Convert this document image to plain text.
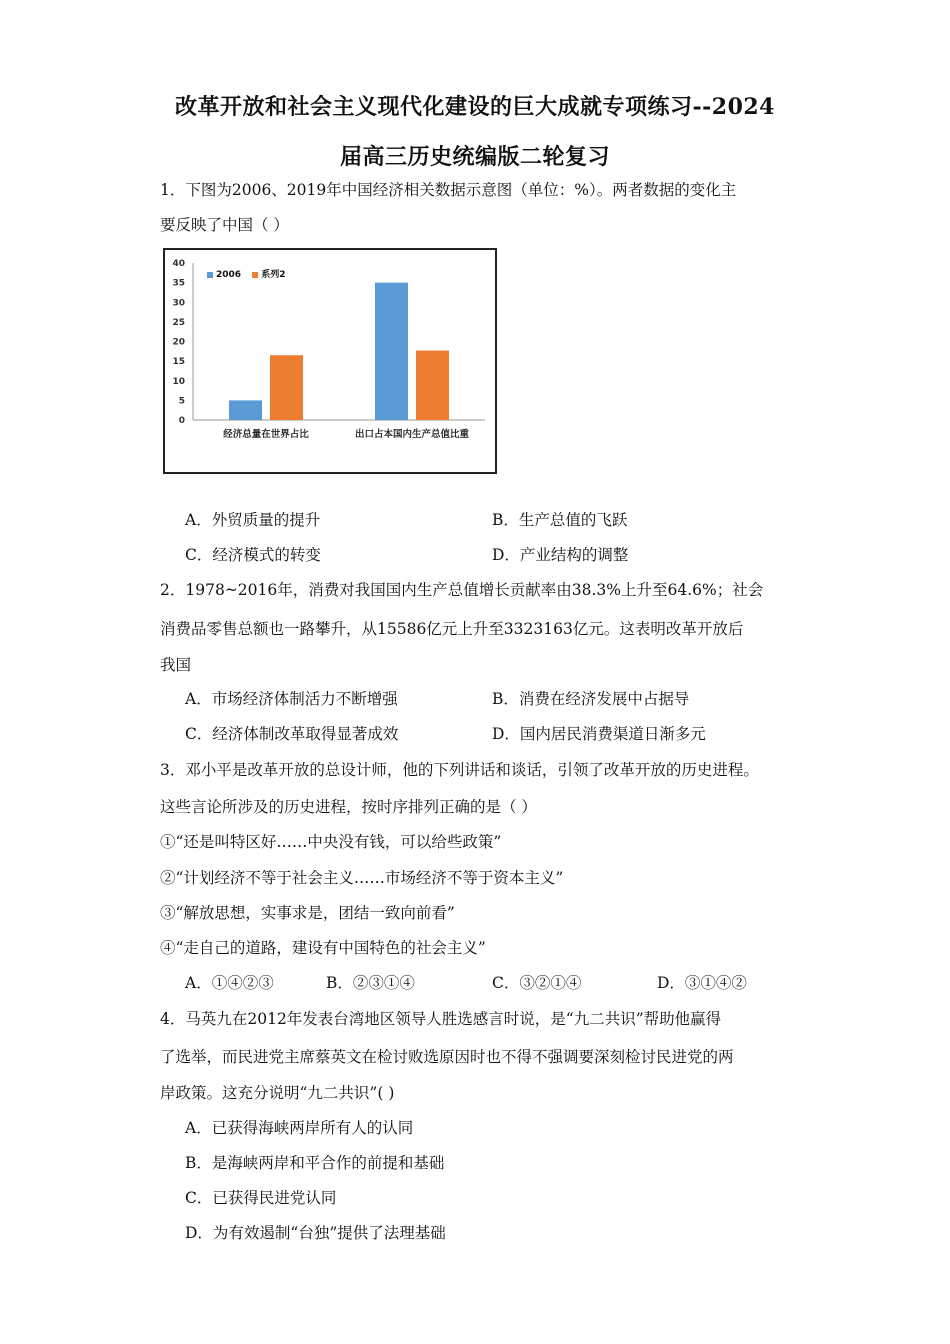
改革开放和社会主义现代化建设的巨大成就专项练习--2024
届高三历史统编版二轮复习
1．下图为2006、2019年中国经济相关数据示意图（单位：%）。两者数据的变化主
要反映了中国（ ）
0
5
10
15
20
25
30
35
40
经济总量在世界占比	出口占本国内生产总值比重
2006 系列2
A．外贸质量的提升	B．生产总值的飞跃
C．经济模式的转变	D．产业结构的调整
2．1978~2016年，消费对我国国内生产总值增长贡献率由38.3%上升至64.6%；社会
消费品零售总额也一路攀升，从15586亿元上升至3323163亿元。这表明改革开放后
我国
A．市场经济体制活力不断增强	B．消费在经济发展中占据导
C．经济体制改革取得显著成效	D．国内居民消费渠道日渐多元
3．邓小平是改革开放的总设计师，他的下列讲话和谈话，引领了改革开放的历史进程。
这些言论所涉及的历史进程，按时序排列正确的是（ ）
①“还是叫特区好……中央没有钱，可以给些政策”
②“计划经济不等于社会主义……市场经济不等于资本主义”
③“解放思想，实事求是，团结一致向前看”
④“走自己的道路，建设有中国特色的社会主义”
A．①④②③	B．②③①④	C．③②①④	D．③①④②
4．马英九在2012年发表台湾地区领导人胜选感言时说，是“九二共识”帮助他赢得
了选举，而民进党主席蔡英文在检讨败选原因时也不得不强调要深刻检讨民进党的两
岸政策。这充分说明“九二共识”( )
A．已获得海峡两岸所有人的认同
B．是海峡两岸和平合作的前提和基础
C．已获得民进党认同
D．为有效遏制“台独”提供了法理基础
